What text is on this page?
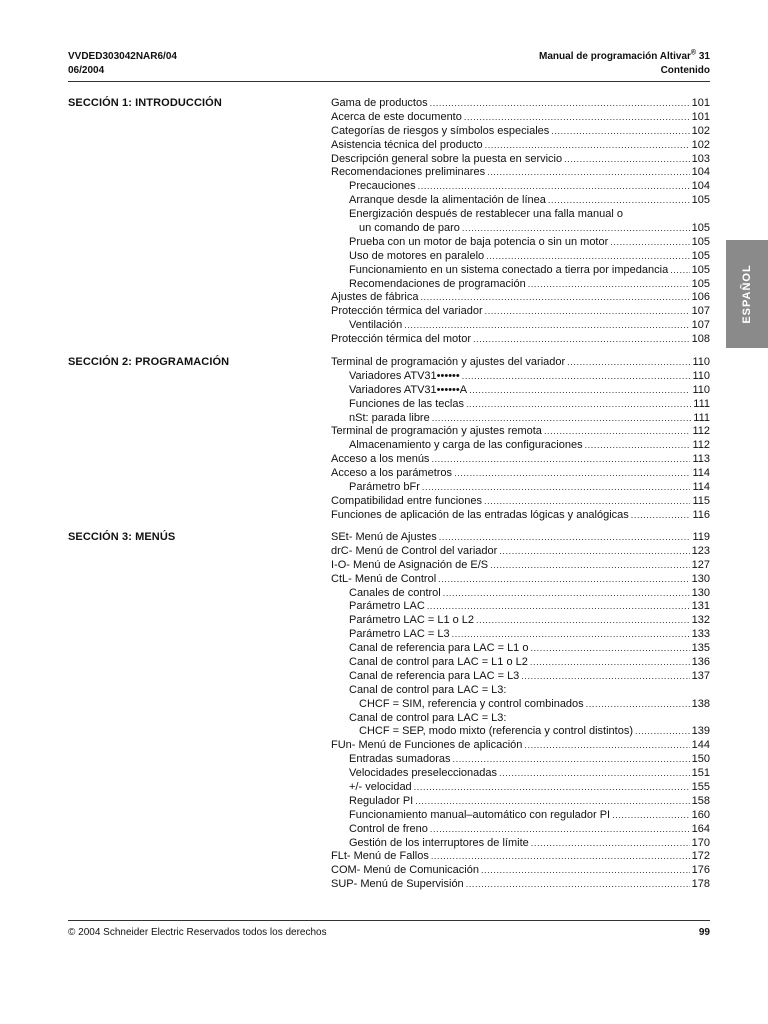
VVDED303042NAR6/04
06/2004
Manual de programación Altivar® 31
Contenido
SECCIÓN 1: INTRODUCCIÓN	Gama de productos .....	101
Acerca de este documento .....	101
Categorías de riesgos y símbolos especiales .....	102
Asistencia técnica del producto .....	102
Descripción general sobre la puesta en servicio .....	103
Recomendaciones preliminares .....	104
Precauciones .....	104
Arranque desde la alimentación de línea .....	105
Energización después de restablecer una falla manual o
un comando de paro .....	105
Prueba con un motor de baja potencia o sin un motor .....	105
Uso de motores en paralelo .....	105
Funcionamiento en un sistema conectado a tierra por impedancia ..... 105
Recomendaciones de programación .....	105
Ajustes de fábrica .....	106
Protección térmica del variador .....	107
Ventilación .....	107
Protección térmica del motor .....	108
SECCIÓN 2: PROGRAMACIÓN	Terminal de programación y ajustes del variador .....	110
Variadores ATV31•••••• .....	110
Variadores ATV31••••••A .....	110
Funciones de las teclas .....	111
nSt: parada libre .....	111
Terminal de programación y ajustes remota .....	112
Almacenamiento y carga de las configuraciones .....	112
Acceso a los menús .....	113
Acceso a los parámetros .....	114
Parámetro bFr .....	114
Compatibilidad entre funciones .....	115
Funciones de aplicación de las entradas lógicas y analógicas .....	116
SECCIÓN 3: MENÚS	SEt- Menú de Ajustes .....	119
drC- Menú de Control del variador .....	123
I-O- Menú de Asignación de E/S .....	127
CtL- Menú de Control .....	130
Canales de control .....	130
Parámetro LAC .....	131
Parámetro LAC = L1 o L2 .....	132
Parámetro LAC = L3 .....	133
Canal de referencia para LAC = L1 o .....	135
Canal de control para LAC = L1 o L2 .....	136
Canal de referencia para LAC = L3 .....	137
Canal de control para LAC = L3:
CHCF = SIM, referencia y control combinados .....	138
Canal de control para LAC = L3:
CHCF = SEP, modo mixto (referencia y control distintos) .....	139
FUn- Menú de Funciones de aplicación .....	144
Entradas sumadoras .....	150
Velocidades preseleccionadas .....	151
+/- velocidad .....	155
Regulador PI .....	158
Funcionamiento manual–automático con regulador PI .....	160
Control de freno .....	164
Gestión de los interruptores de límite .....	170
FLt- Menú de Fallos .....	172
COM- Menú de Comunicación .....	176
SUP- Menú de Supervisión .....	178
ESPAÑOL
© 2004 Schneider Electric Reservados todos los derechos	99
